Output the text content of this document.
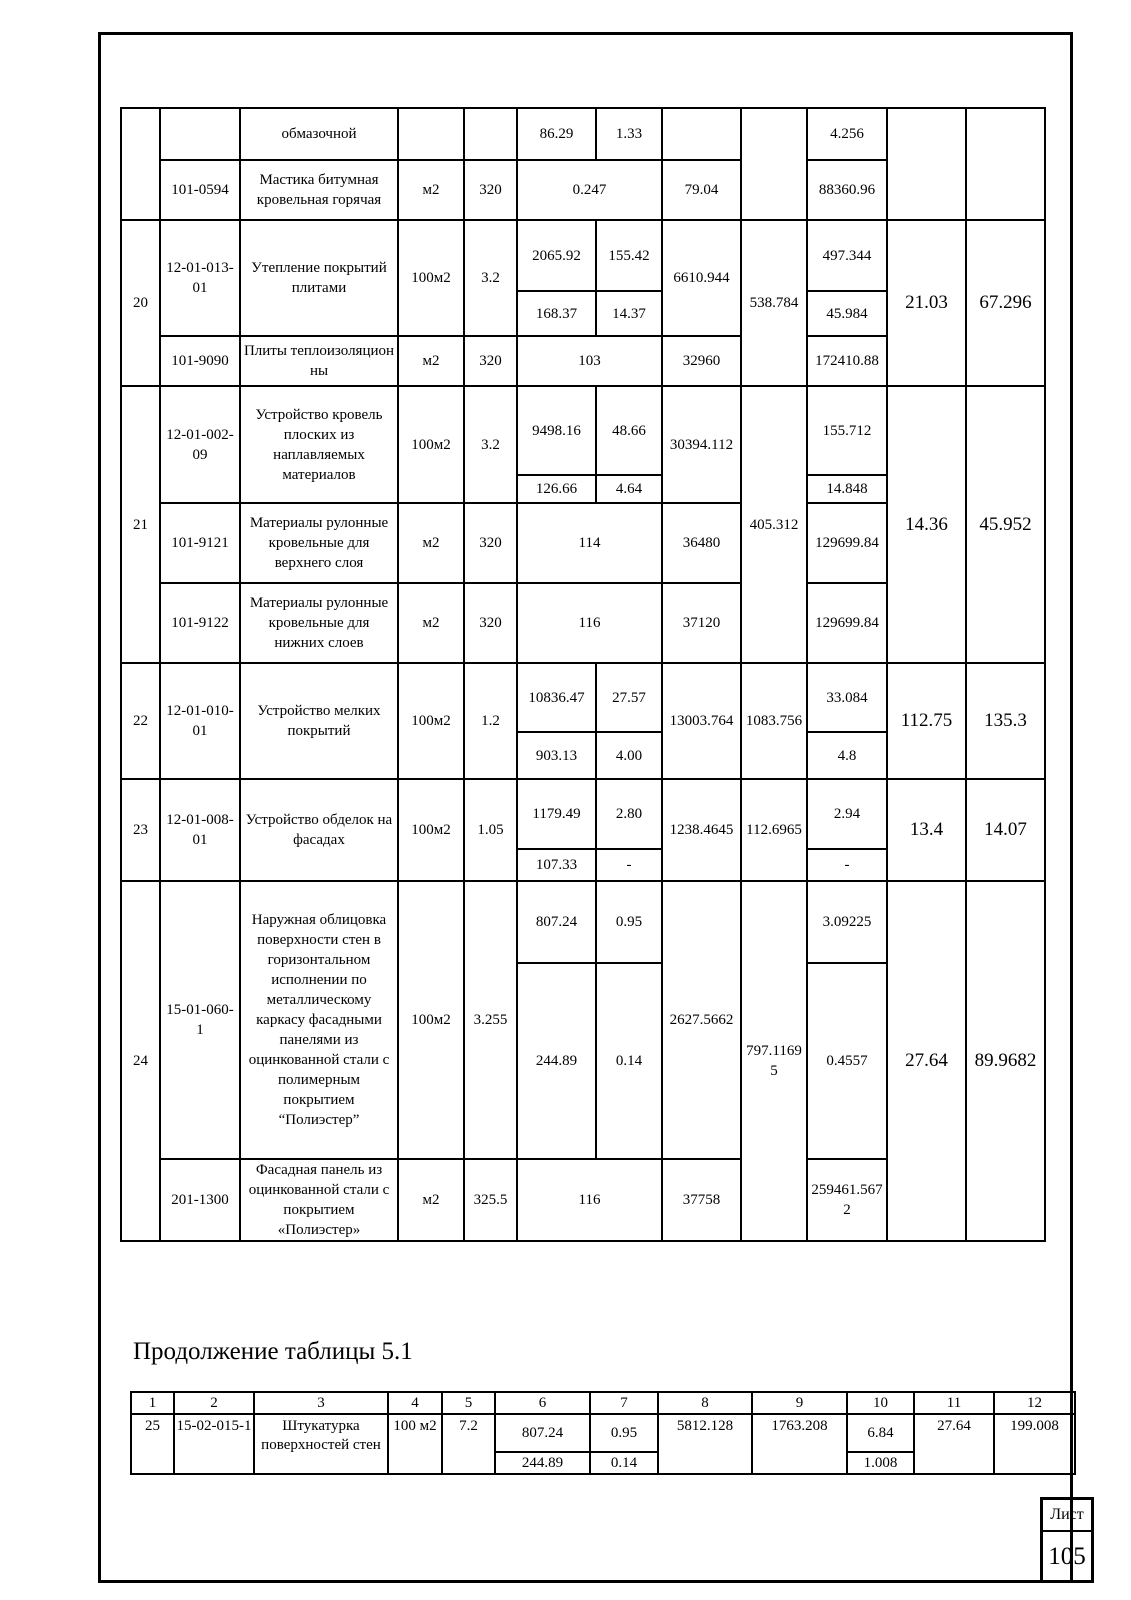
		обмазочной			86.29	1.33			4.256		
	101-0594	Мастика битумная кровельная горячая	м2	320	0.247		79.04		88360.96		
20	12-01-013-01	Утепление покрытий плитами	100м2	3.2	2065.92	155.42	6610.944	538.784	497.344	21.03	67.296
					168.37	14.37			45.984		
	101-9090	Плиты теплоизоляционны	м2	320	103		32960		172410.88		
21	12-01-002-09	Устройство кровель плоских из наплавляемых материалов	100м2	3.2	9498.16	48.66	30394.112	405.312	155.712	14.36	45.952
					126.66	4.64			14.848		
	101-9121	Материалы рулонные кровельные для верхнего слоя	м2	320	114		36480		129699.84		
	101-9122	Материалы рулонные кровельные для нижних слоев	м2	320	116		37120		129699.84		
22	12-01-010-01	Устройство мелких покрытий	100м2	1.2	10836.47	27.57	13003.764	1083.756	33.084	112.75	135.3
					903.13	4.00			4.8		
23	12-01-008-01	Устройство обделок на фасадах	100м2	1.05	1179.49	2.80	1238.4645	112.6965	2.94	13.4	14.07
					107.33	-			-		
24	15-01-060-1	Наружная облицовка поверхности стен в горизонтальном исполнении по металлическому каркасу фасадными панелями из оцинкованной стали с полимерным покрытием “Полиэстер”	100м2	3.255	807.24	0.95	2627.5662	797.11695	3.09225	27.64	89.9682
					244.89	0.14			0.4557		
	201-1300	Фасадная панель из оцинкованной стали с покрытием «Полиэстер»	м2	325.5	116		37758		259461.5672		
Продолжение таблицы 5.1
1	2	3	4	5	6	7	8	9	10	11	12
25	15-02-015-1	Штукатурка поверхностей стен	100 м2	7.2	807.24	0.95	5812.128	1763.208	6.84	27.64	199.008
					244.89	0.14			1.008		
Лист
105
